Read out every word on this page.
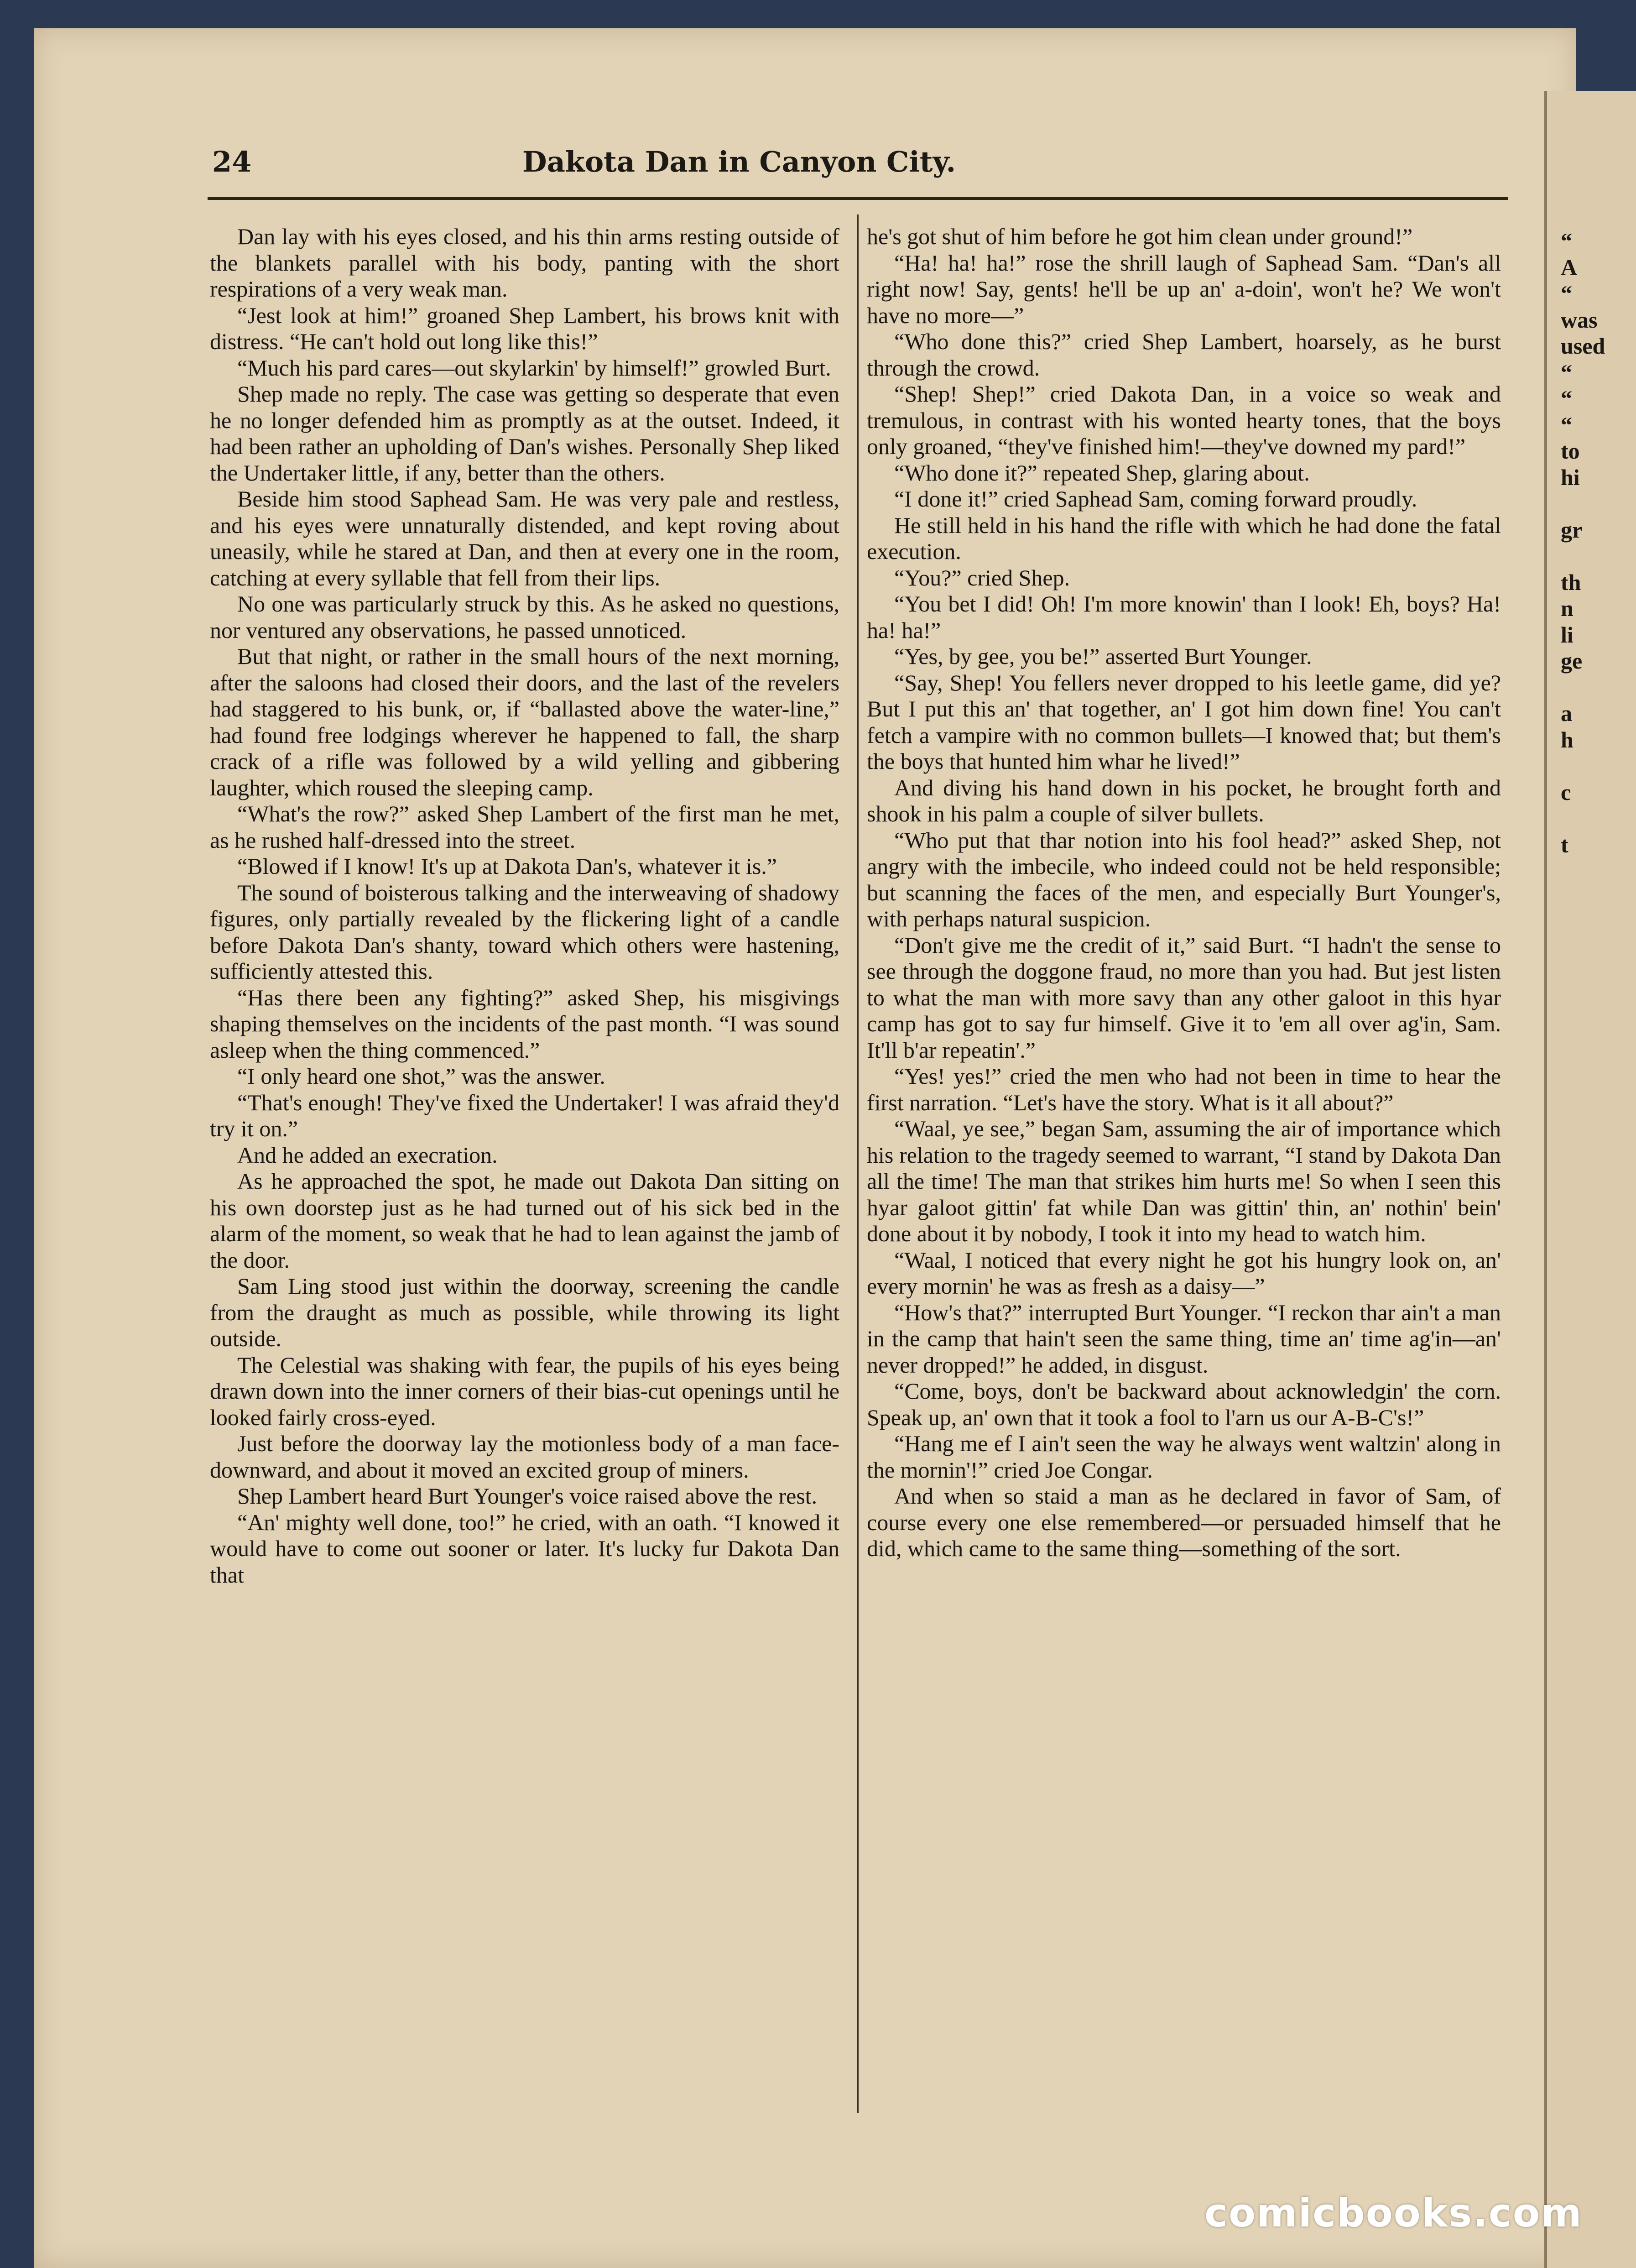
“
A
“
was
used
“
“
“
to
hi
gr
th
n
li
ge
a
h
c
t
24	Dakota Dan in Canyon City.

Dan lay with his eyes closed, and his thin arms resting outside of the blankets parallel with his body, panting with the short respirations of a very weak man.

“Jest look at him!” groaned Shep Lambert, his brows knit with distress. “He can't hold out long like this!”

“Much his pard cares—out skylarkin' by himself!” growled Burt.

Shep made no reply. The case was getting so desperate that even he no longer defended him as promptly as at the outset. Indeed, it had been rather an upholding of Dan's wishes. Personally Shep liked the Undertaker little, if any, better than the others.

Beside him stood Saphead Sam. He was very pale and restless, and his eyes were unnaturally distended, and kept roving about uneasily, while he stared at Dan, and then at every one in the room, catching at every syllable that fell from their lips.

No one was particularly struck by this. As he asked no questions, nor ventured any observations, he passed unnoticed.

But that night, or rather in the small hours of the next morning, after the saloons had closed their doors, and the last of the revelers had staggered to his bunk, or, if “ballasted above the water-line,” had found free lodgings wherever he happened to fall, the sharp crack of a rifle was followed by a wild yelling and gibbering laughter, which roused the sleeping camp.

“What's the row?” asked Shep Lambert of the first man he met, as he rushed half-dressed into the street.

“Blowed if I know! It's up at Dakota Dan's, whatever it is.”

The sound of boisterous talking and the interweaving of shadowy figures, only partially revealed by the flickering light of a candle before Dakota Dan's shanty, toward which others were hastening, sufficiently attested this.

“Has there been any fighting?” asked Shep, his misgivings shaping themselves on the incidents of the past month. “I was sound asleep when the thing commenced.”

“I only heard one shot,” was the answer.

“That's enough! They've fixed the Undertaker! I was afraid they'd try it on.”

And he added an execration.

As he approached the spot, he made out Dakota Dan sitting on his own doorstep just as he had turned out of his sick bed in the alarm of the moment, so weak that he had to lean against the jamb of the door.

Sam Ling stood just within the doorway, screening the candle from the draught as much as possible, while throwing its light outside.

The Celestial was shaking with fear, the pupils of his eyes being drawn down into the inner corners of their bias-cut openings until he looked fairly cross-eyed.

Just before the doorway lay the motionless body of a man face-downward, and about it moved an excited group of miners.

Shep Lambert heard Burt Younger's voice raised above the rest.

“An' mighty well done, too!” he cried, with an oath. “I knowed it would have to come out sooner or later. It's lucky fur Dakota Dan that

he's got shut of him before he got him clean under ground!”

“Ha! ha! ha!” rose the shrill laugh of Saphead Sam. “Dan's all right now! Say, gents! he'll be up an' a-doin', won't he? We won't have no more—”

“Who done this?” cried Shep Lambert, hoarsely, as he burst through the crowd.

“Shep! Shep!” cried Dakota Dan, in a voice so weak and tremulous, in contrast with his wonted hearty tones, that the boys only groaned, “they've finished him!—they've downed my pard!”

“Who done it?” repeated Shep, glaring about.

“I done it!” cried Saphead Sam, coming forward proudly.

He still held in his hand the rifle with which he had done the fatal execution.

“You?” cried Shep.

“You bet I did! Oh! I'm more knowin' than I look! Eh, boys? Ha! ha! ha!”

“Yes, by gee, you be!” asserted Burt Younger.

“Say, Shep! You fellers never dropped to his leetle game, did ye? But I put this an' that together, an' I got him down fine! You can't fetch a vampire with no common bullets—I knowed that; but them's the boys that hunted him whar he lived!”

And diving his hand down in his pocket, he brought forth and shook in his palm a couple of silver bullets.

“Who put that thar notion into his fool head?” asked Shep, not angry with the imbecile, who indeed could not be held responsible; but scanning the faces of the men, and especially Burt Younger's, with perhaps natural suspicion.

“Don't give me the credit of it,” said Burt. “I hadn't the sense to see through the doggone fraud, no more than you had. But jest listen to what the man with more savy than any other galoot in this hyar camp has got to say fur himself. Give it to 'em all over ag'in, Sam. It'll b'ar repeatin'.”

“Yes! yes!” cried the men who had not been in time to hear the first narration. “Let's have the story. What is it all about?”

“Waal, ye see,” began Sam, assuming the air of importance which his relation to the tragedy seemed to warrant, “I stand by Dakota Dan all the time! The man that strikes him hurts me! So when I seen this hyar galoot gittin' fat while Dan was gittin' thin, an' nothin' bein' done about it by nobody, I took it into my head to watch him.

“Waal, I noticed that every night he got his hungry look on, an' every mornin' he was as fresh as a daisy—”

“How's that?” interrupted Burt Younger. “I reckon thar ain't a man in the camp that hain't seen the same thing, time an' time ag'in—an' never dropped!” he added, in disgust.

“Come, boys, don't be backward about acknowledgin' the corn. Speak up, an' own that it took a fool to l'arn us our A-B-C's!”

“Hang me ef I ain't seen the way he always went waltzin' along in the mornin'!” cried Joe Congar.

And when so staid a man as he declared in favor of Sam, of course every one else remembered—or persuaded himself that he did, which came to the same thing—something of the sort.

comicbooks.com
